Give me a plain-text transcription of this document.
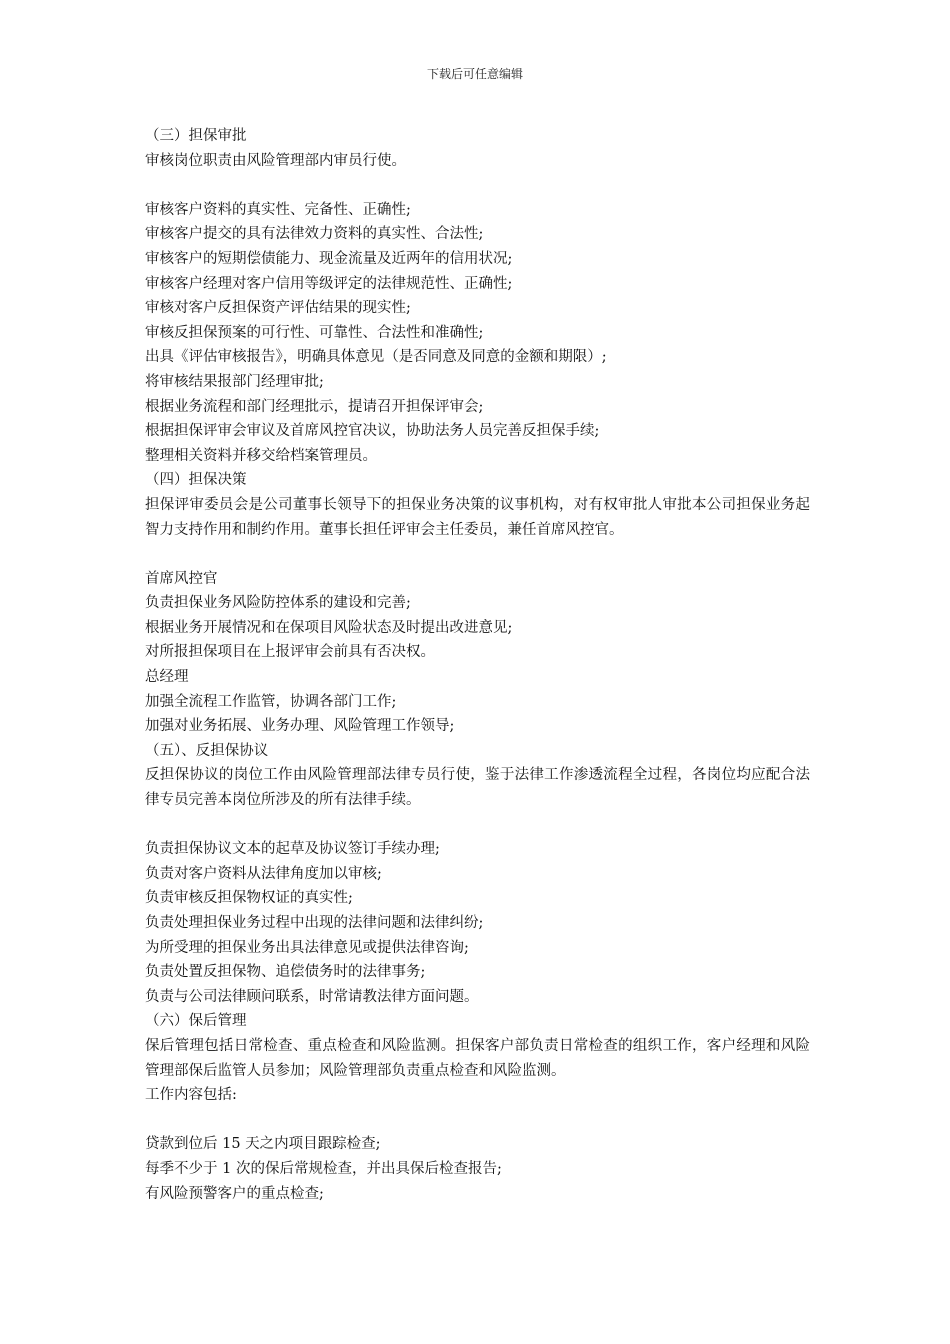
下载后可任意编辑
（三）担保审批
审核岗位职责由风险管理部内审员行使。
审核客户资料的真实性、完备性、正确性;
审核客户提交的具有法律效力资料的真实性、合法性;
审核客户的短期偿债能力、现金流量及近两年的信用状况;
审核客户经理对客户信用等级评定的法律规范性、正确性;
审核对客户反担保资产评估结果的现实性;
审核反担保预案的可行性、可靠性、合法性和准确性;
出具《评估审核报告》，明确具体意见（是否同意及同意的金额和期限）;
将审核结果报部门经理审批;
根据业务流程和部门经理批示，提请召开担保评审会;
根据担保评审会审议及首席风控官决议，协助法务人员完善反担保手续;
整理相关资料并移交给档案管理员。
（四）担保决策
担保评审委员会是公司董事长领导下的担保业务决策的议事机构，对有权审批人审批本公司担保业务起智力支持作用和制约作用。董事长担任评审会主任委员，兼任首席风控官。
首席风控官
负责担保业务风险防控体系的建设和完善;
根据业务开展情况和在保项目风险状态及时提出改进意见;
对所报担保项目在上报评审会前具有否决权。
总经理
加强全流程工作监管，协调各部门工作;
加强对业务拓展、业务办理、风险管理工作领导;
（五）、反担保协议
反担保协议的岗位工作由风险管理部法律专员行使，鉴于法律工作渗透流程全过程，各岗位均应配合法律专员完善本岗位所涉及的所有法律手续。
负责担保协议文本的起草及协议签订手续办理;
负责对客户资料从法律角度加以审核;
负责审核反担保物权证的真实性;
负责处理担保业务过程中出现的法律问题和法律纠纷;
为所受理的担保业务出具法律意见或提供法律咨询;
负责处置反担保物、追偿债务时的法律事务;
负责与公司法律顾问联系，时常请教法律方面问题。
（六）保后管理
保后管理包括日常检查、重点检查和风险监测。担保客户部负责日常检查的组织工作，客户经理和风险管理部保后监管人员参加；风险管理部负责重点检查和风险监测。
工作内容包括:
贷款到位后 15 天之内项目跟踪检查;
每季不少于 1 次的保后常规检查，并出具保后检查报告;
有风险预警客户的重点检查;
